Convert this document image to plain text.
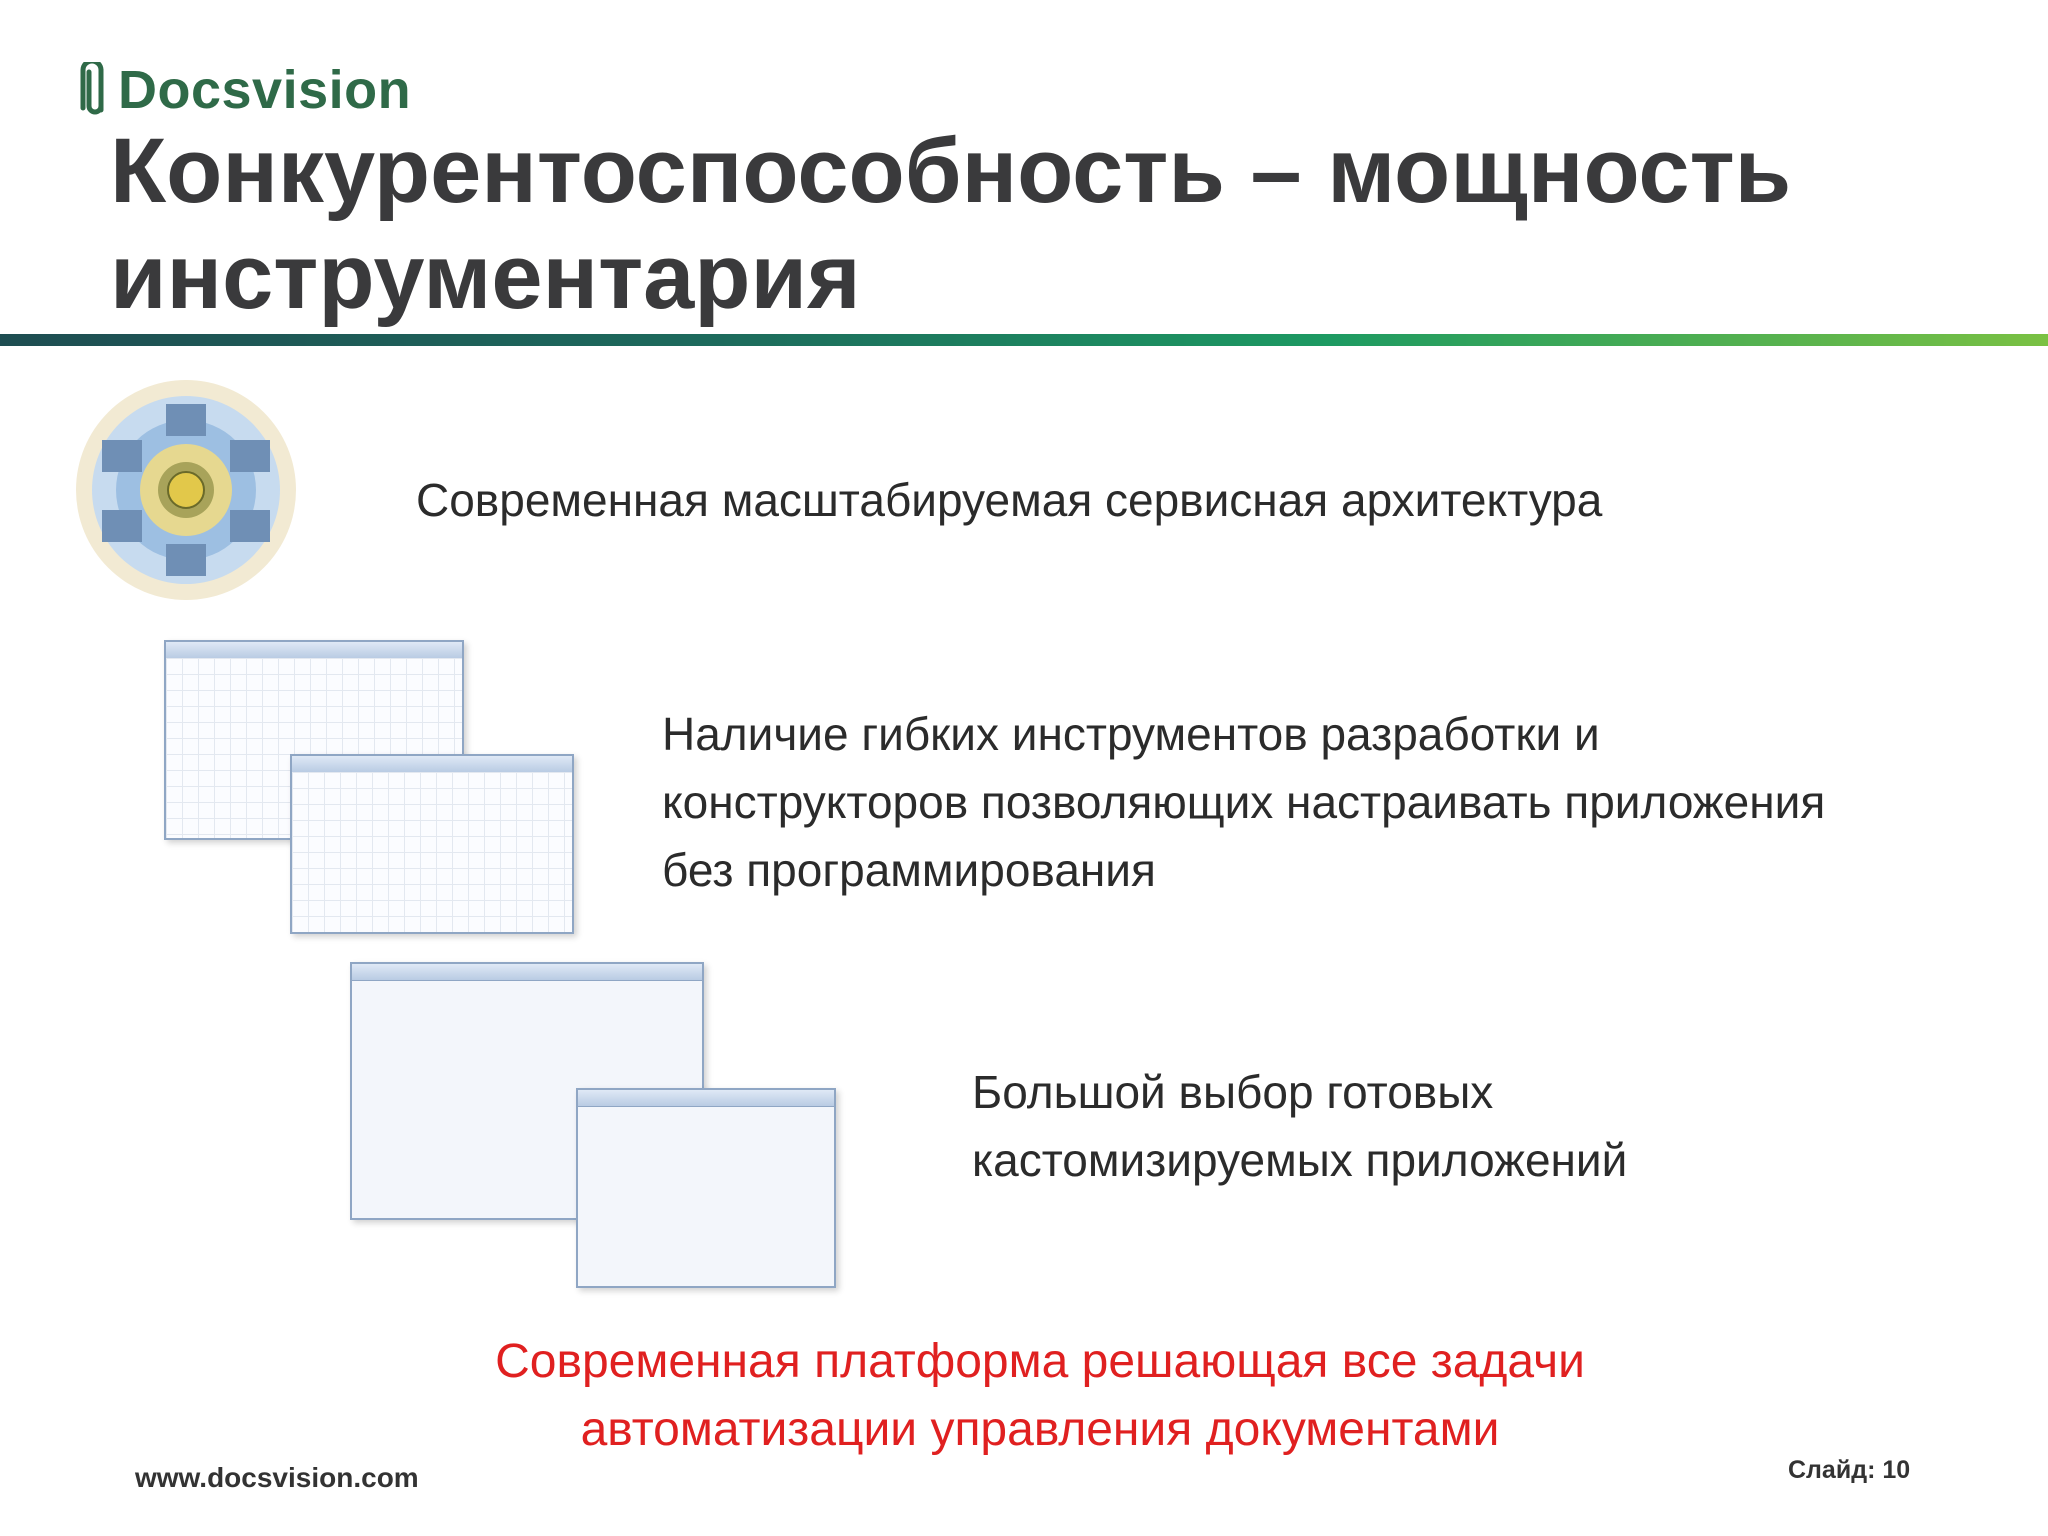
Docsvision
Конкурентоспособность – мощность
инструментария
Современная масштабируемая сервисная архитектура
Наличие гибких инструментов разработки и
конструкторов позволяющих настраивать приложения
без программирования
Большой выбор готовых
кастомизируемых приложений
Современная платформа решающая все задачи
автоматизации управления документами
www.docsvision.com	Слайд: 10
